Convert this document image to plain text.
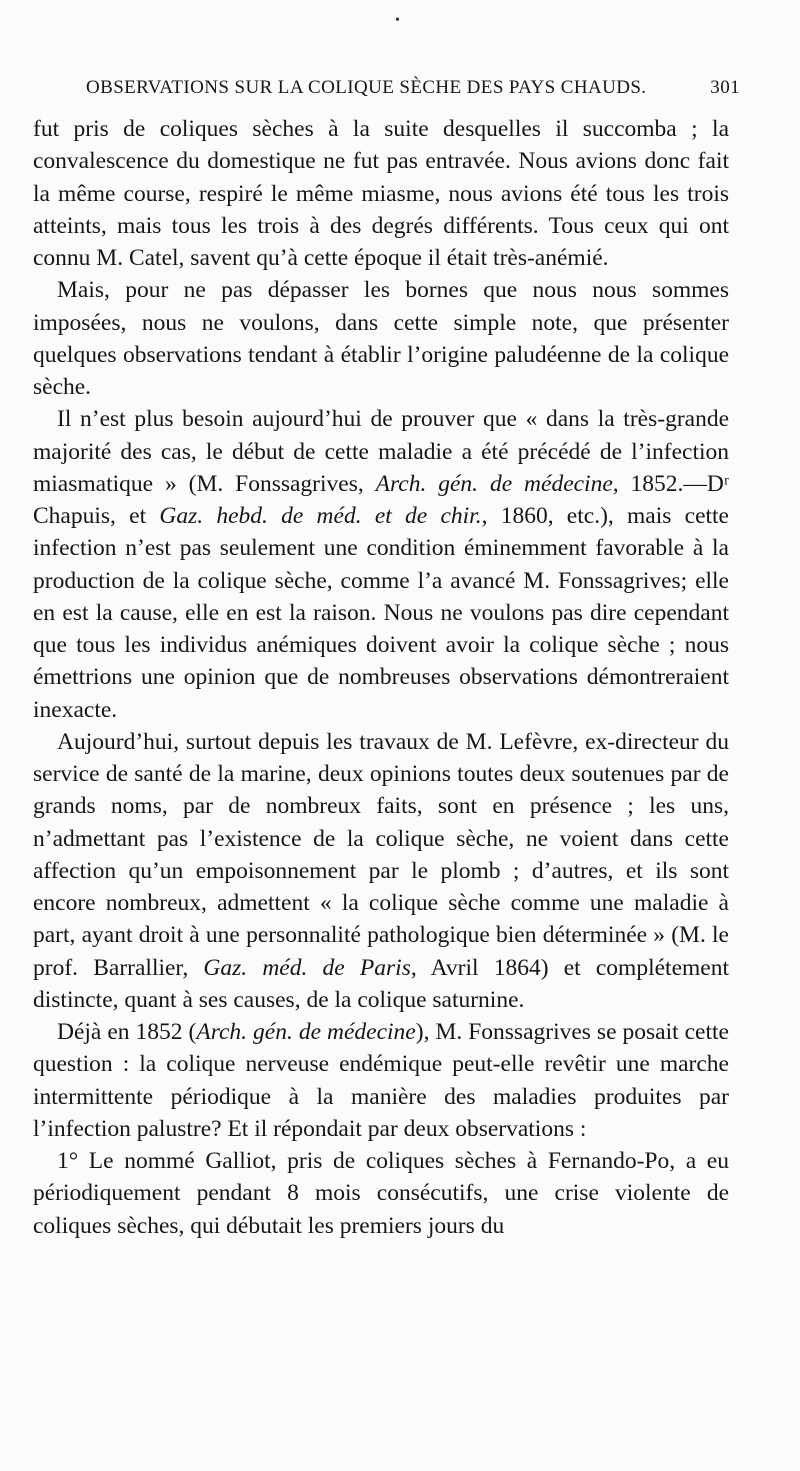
•
OBSERVATIONS SUR LA COLIQUE SÈCHE DES PAYS CHAUDS.	301

fut pris de coliques sèches à la suite desquelles il succomba ; la convalescence du domestique ne fut pas entravée. Nous avions donc fait la même course, respiré le même miasme, nous avions été tous les trois atteints, mais tous les trois à des degrés différents. Tous ceux qui ont connu M. Catel, savent qu’à cette époque il était très-anémié.

Mais, pour ne pas dépasser les bornes que nous nous sommes imposées, nous ne voulons, dans cette simple note, que présenter quelques observations tendant à établir l’origine paludéenne de la colique sèche.

Il n’est plus besoin aujourd’hui de prouver que « dans la très-grande majorité des cas, le début de cette maladie a été précédé de l’infection miasmatique » (M. Fonssagrives, Arch. gén. de médecine, 1852.—Dʳ Chapuis, et Gaz. hebd. de méd. et de chir., 1860, etc.), mais cette infection n’est pas seulement une condition éminemment favorable à la production de la colique sèche, comme l’a avancé M. Fonssagrives; elle en est la cause, elle en est la raison. Nous ne voulons pas dire cependant que tous les individus anémiques doivent avoir la colique sèche ; nous émettrions une opinion que de nombreuses observations démontreraient inexacte.

Aujourd’hui, surtout depuis les travaux de M. Lefèvre, ex-directeur du service de santé de la marine, deux opinions toutes deux soutenues par de grands noms, par de nombreux faits, sont en présence ; les uns, n’admettant pas l’existence de la colique sèche, ne voient dans cette affection qu’un empoisonnement par le plomb ; d’autres, et ils sont encore nombreux, admettent « la colique sèche comme une maladie à part, ayant droit à une personnalité pathologique bien déterminée » (M. le prof. Barrallier, Gaz. méd. de Paris, Avril 1864) et complétement distincte, quant à ses causes, de la colique saturnine.

Déjà en 1852 (Arch. gén. de médecine), M. Fonssagrives se posait cette question : la colique nerveuse endémique peut-elle revêtir une marche intermittente périodique à la manière des maladies produites par l’infection palustre? Et il répondait par deux observations :

1° Le nommé Galliot, pris de coliques sèches à Fernando-Po, a eu périodiquement pendant 8 mois consécutifs, une crise violente de coliques sèches, qui débutait les premiers jours du
